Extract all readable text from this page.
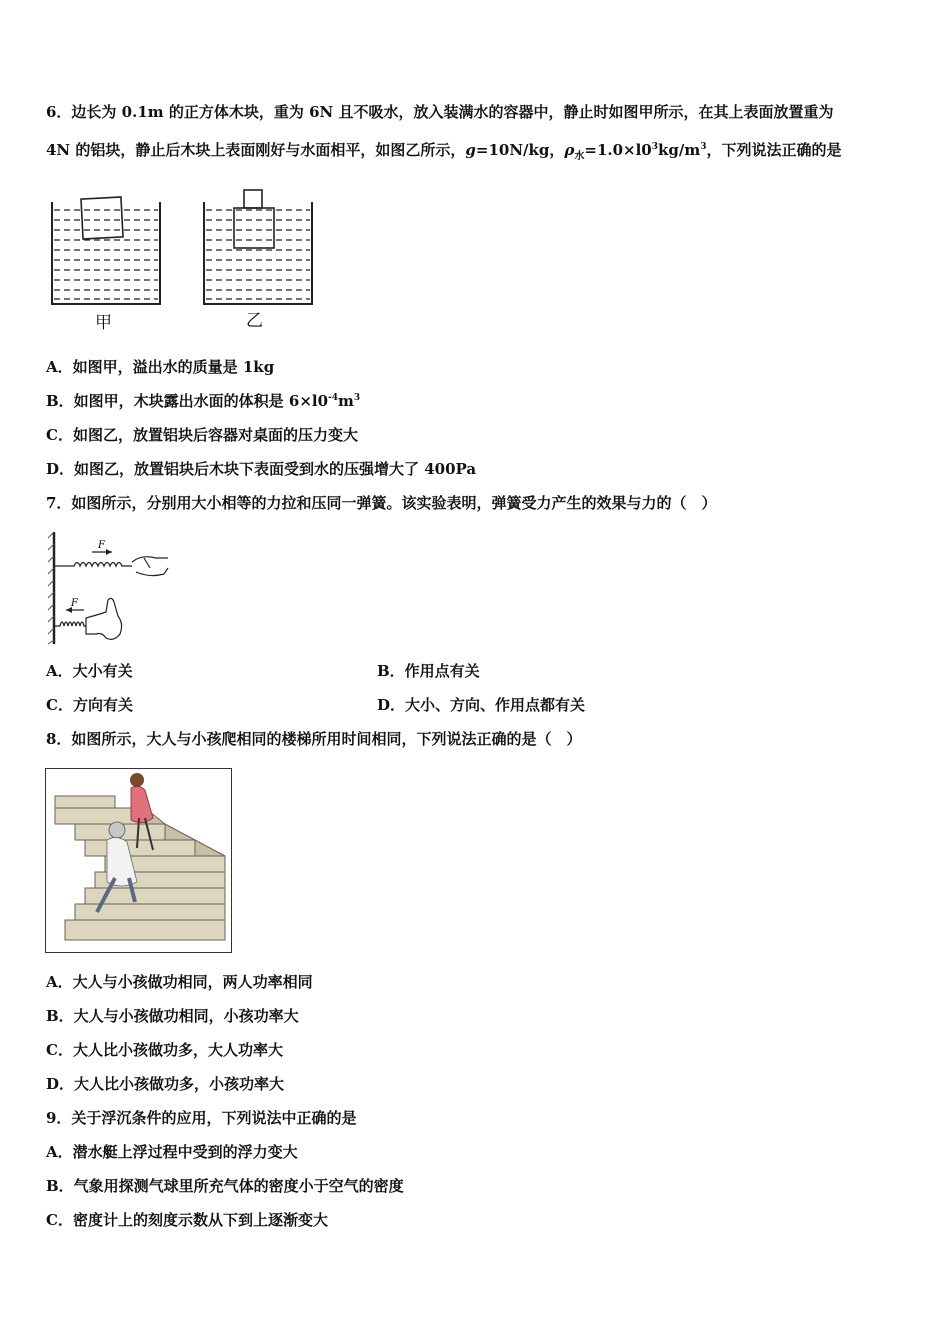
6．边长为 0.1m 的正方体木块，重为 6N 且不吸水，放入装满水的容器中，静止时如图甲所示，在其上表面放置重为
4N 的铝块，静止后木块上表面刚好与水面相平，如图乙所示，g=10N/kg，$\rho_水=1.0\times l0^3kg/m^3$，下列说法正确的是
甲	乙
A．如图甲，溢出水的质量是 1kg
B．如图甲，木块露出水面的体积是 $6\times l0^{-4}m^3$
C．如图乙，放置铝块后容器对桌面的压力变大
D．如图乙，放置铝块后木块下表面受到水的压强增大了 400Pa
7．如图所示，分别用大小相等的力拉和压同一弹簧。该实验表明，弹簧受力产生的效果与力的（　）
F
F
A．大小有关	B．作用点有关
C．方向有关	D．大小、方向、作用点都有关
8．如图所示，大人与小孩爬相同的楼梯所用时间相同，下列说法正确的是（　）
A．大人与小孩做功相同，两人功率相同
B．大人与小孩做功相同，小孩功率大
C．大人比小孩做功多，大人功率大
D．大人比小孩做功多，小孩功率大
9．关于浮沉条件的应用，下列说法中正确的是
A．潜水艇上浮过程中受到的浮力变大
B．气象用探测气球里所充气体的密度小于空气的密度
C．密度计上的刻度示数从下到上逐渐变大
